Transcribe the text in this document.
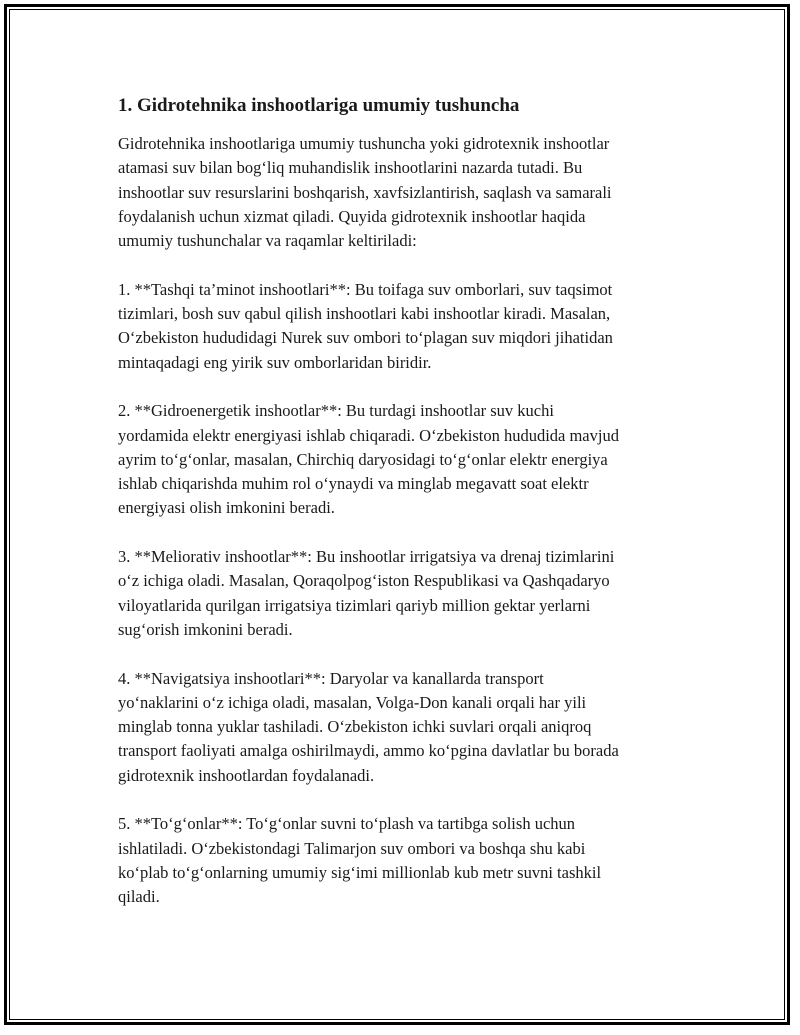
1. Gidrotehnika inshootlariga umumiy tushuncha

Gidrotehnika inshootlariga umumiy tushuncha yoki gidrotexnik inshootlar
atamasi suv bilan bog‘liq muhandislik inshootlarini nazarda tutadi. Bu
inshootlar suv resurslarini boshqarish, xavfsizlantirish, saqlash va samarali
foydalanish uchun xizmat qiladi. Quyida gidrotexnik inshootlar haqida
umumiy tushunchalar va raqamlar keltiriladi:

1. **Tashqi ta’minot inshootlari**: Bu toifaga suv omborlari, suv taqsimot
tizimlari, bosh suv qabul qilish inshootlari kabi inshootlar kiradi. Masalan,
O‘zbekiston hududidagi Nurek suv ombori to‘plagan suv miqdori jihatidan
mintaqadagi eng yirik suv omborlaridan biridir.

2. **Gidroenergetik inshootlar**: Bu turdagi inshootlar suv kuchi
yordamida elektr energiyasi ishlab chiqaradi. O‘zbekiston hududida mavjud
ayrim to‘g‘onlar, masalan, Chirchiq daryosidagi to‘g‘onlar elektr energiya
ishlab chiqarishda muhim rol o‘ynaydi va minglab megavatt soat elektr
energiyasi olish imkonini beradi.

3. **Meliorativ inshootlar**: Bu inshootlar irrigatsiya va drenaj tizimlarini
o‘z ichiga oladi. Masalan, Qoraqolpog‘iston Respublikasi va Qashqadaryo
viloyatlarida qurilgan irrigatsiya tizimlari qariyb million gektar yerlarni
sug‘orish imkonini beradi.

4. **Navigatsiya inshootlari**: Daryolar va kanallarda transport
yo‘naklarini o‘z ichiga oladi, masalan, Volga-Don kanali orqali har yili
minglab tonna yuklar tashiladi. O‘zbekiston ichki suvlari orqali aniqroq
transport faoliyati amalga oshirilmaydi, ammo ko‘pgina davlatlar bu borada
gidrotexnik inshootlardan foydalanadi.

5. **To‘g‘onlar**: To‘g‘onlar suvni to‘plash va tartibga solish uchun
ishlatiladi. O‘zbekistondagi Talimarjon suv ombori va boshqa shu kabi
ko‘plab to‘g‘onlarning umumiy sig‘imi millionlab kub metr suvni tashkil
qiladi.
